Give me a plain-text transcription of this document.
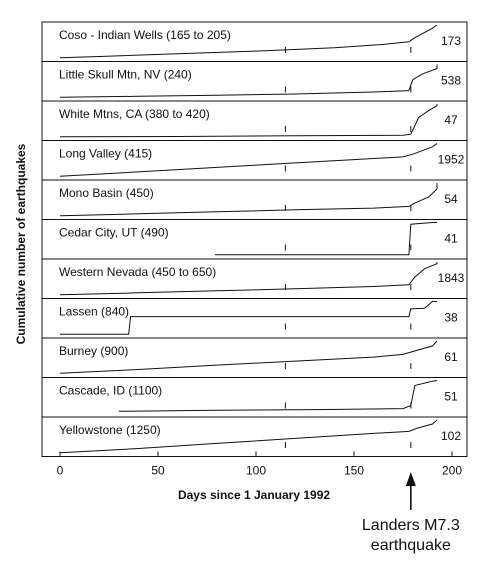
Coso - Indian Wells (165 to 205)	173
Little Skull Mtn, NV (240)	538
White Mtns, CA (380 to 420)	47
Long Valley (415)	1952
Mono Basin (450)	54
Cedar City, UT (490)	41
Western Nevada (450 to 650)	1843
Lassen (840)	38
Burney (900)	61
Cascade, ID (1100)	51
Yellowstone (1250)	102
0	50	100	150	200
Days since 1 January 1992
Cumulative number of earthquakes
Landers M7.3
earthquake
